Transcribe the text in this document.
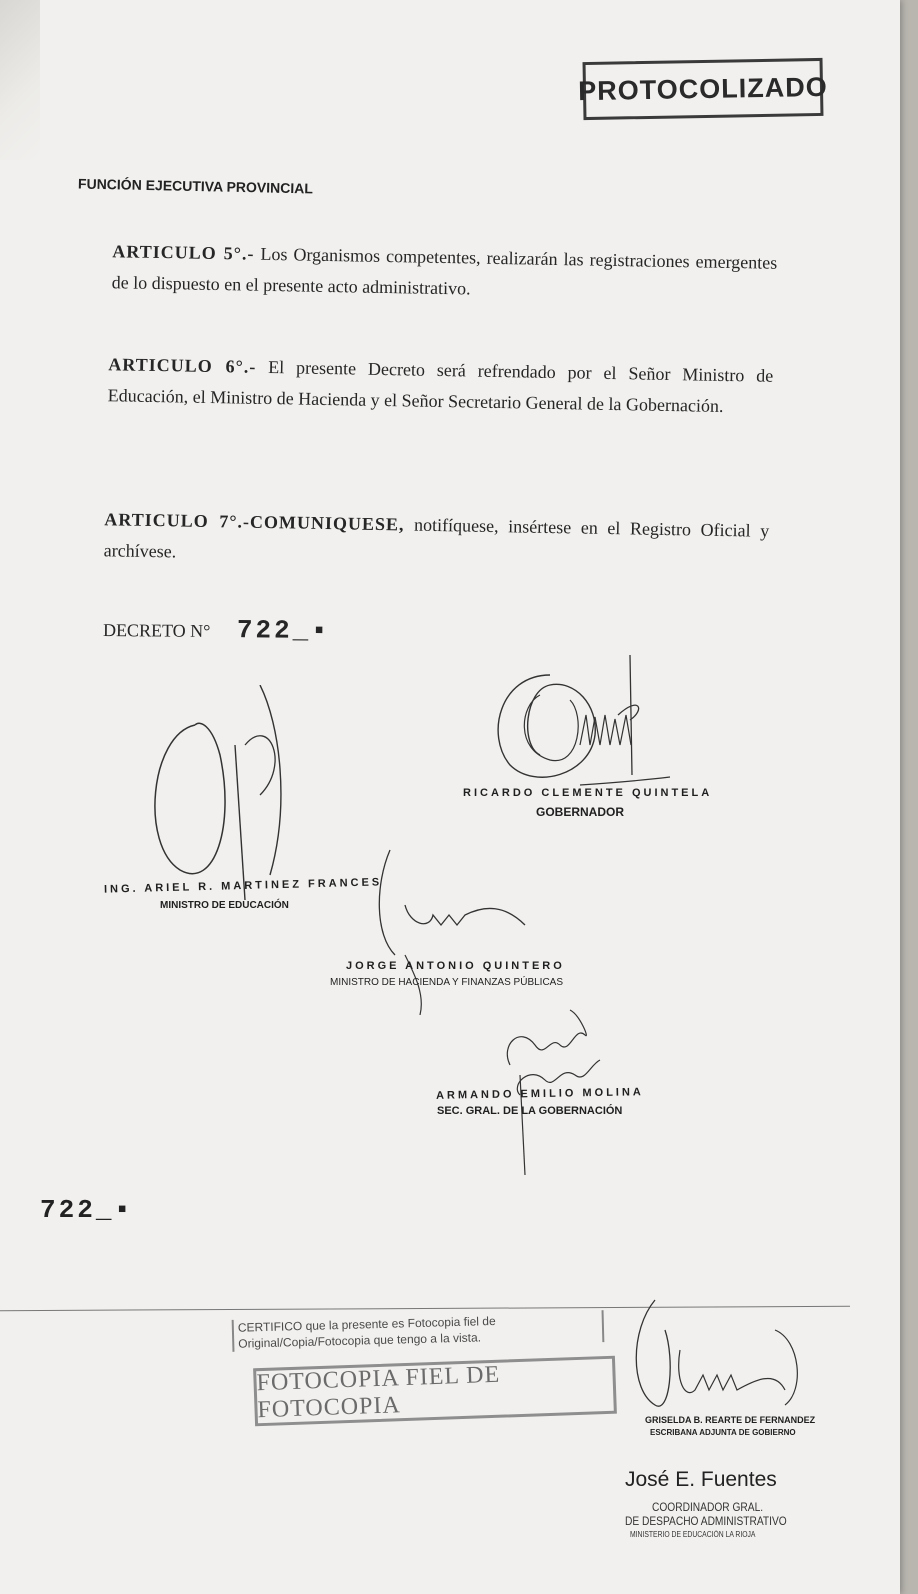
PROTOCOLIZADO
FUNCIÓN EJECUTIVA PROVINCIAL
ARTICULO 5°.- Los Organismos competentes, realizarán las registraciones emergentes de lo dispuesto en el presente acto administrativo.
ARTICULO 6°.- El presente Decreto será refrendado por el Señor Ministro de Educación, el Ministro de Hacienda y el Señor Secretario General de la Gobernación.
ARTICULO 7°.-COMUNIQUESE, notifíquese, insértese en el Registro Oficial y archívese.
DECRETO N° 722_▪
RICARDO CLEMENTE QUINTELA
GOBERNADOR
ING. ARIEL R. MARTINEZ FRANCES
MINISTRO DE EDUCACIÓN
JORGE ANTONIO QUINTERO
MINISTRO DE HACIENDA Y FINANZAS PÚBLICAS
ARMANDO EMILIO MOLINA
SEC. GRAL. DE LA GOBERNACIÓN
722_▪
CERTIFICO que la presente es Fotocopia fiel de Original/Copia/Fotocopia que tengo a la vista.
FOTOCOPIA FIEL DE FOTOCOPIA	GRISELDA B. REARTE DE FERNANDEZ
ESCRIBANA ADJUNTA DE GOBIERNO
José E. Fuentes
COORDINADOR GRAL.
DE DESPACHO ADMINISTRATIVO
MINISTERIO DE EDUCACIÓN LA RIOJA
